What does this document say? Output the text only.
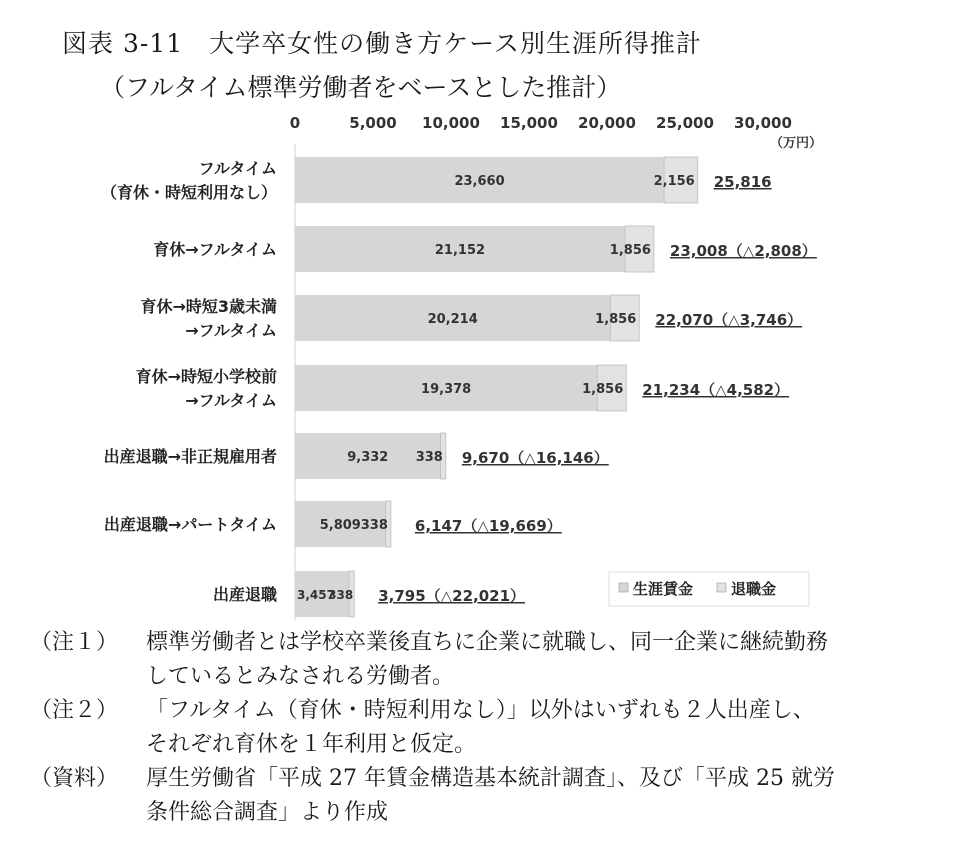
図表 3-11　大学卒女性の働き方ケース別生涯所得推計
（フルタイム標準労働者をベースとした推計）
0	5,000 10,000 15,000 20,000 25,000 30,000
（万円）
フルタイム
（育休・時短利用なし）
23,660	2,156 25,816
育休→フルタイム	21,152	1,856 23,008（△2,808）
育休→時短3歳未満
→フルタイム
20,214	1,856 22,070（△3,746）
育休→時短小学校前
→フルタイム
19,378	1,856 21,234（△4,582）
出産退職→非正規雇用者	9,332 338 9,670（△16,146）
出産退職→パートタイム	5,809 338 6,147（△19,669）
出産退職 3,457
338 3,795（△22,021）	生涯賃金	退職金
（注１）	標準労働者とは学校卒業後直ちに企業に就職し、同一企業に継続勤務しているとみなされる労働者。
（注２）	「フルタイム（育休・時短利用なし）」以外はいずれも２人出産し、それぞれ育休を１年利用と仮定。
（資料）	厚生労働省「平成 27 年賃金構造基本統計調査」、及び「平成 25 就労条件総合調査」より作成
